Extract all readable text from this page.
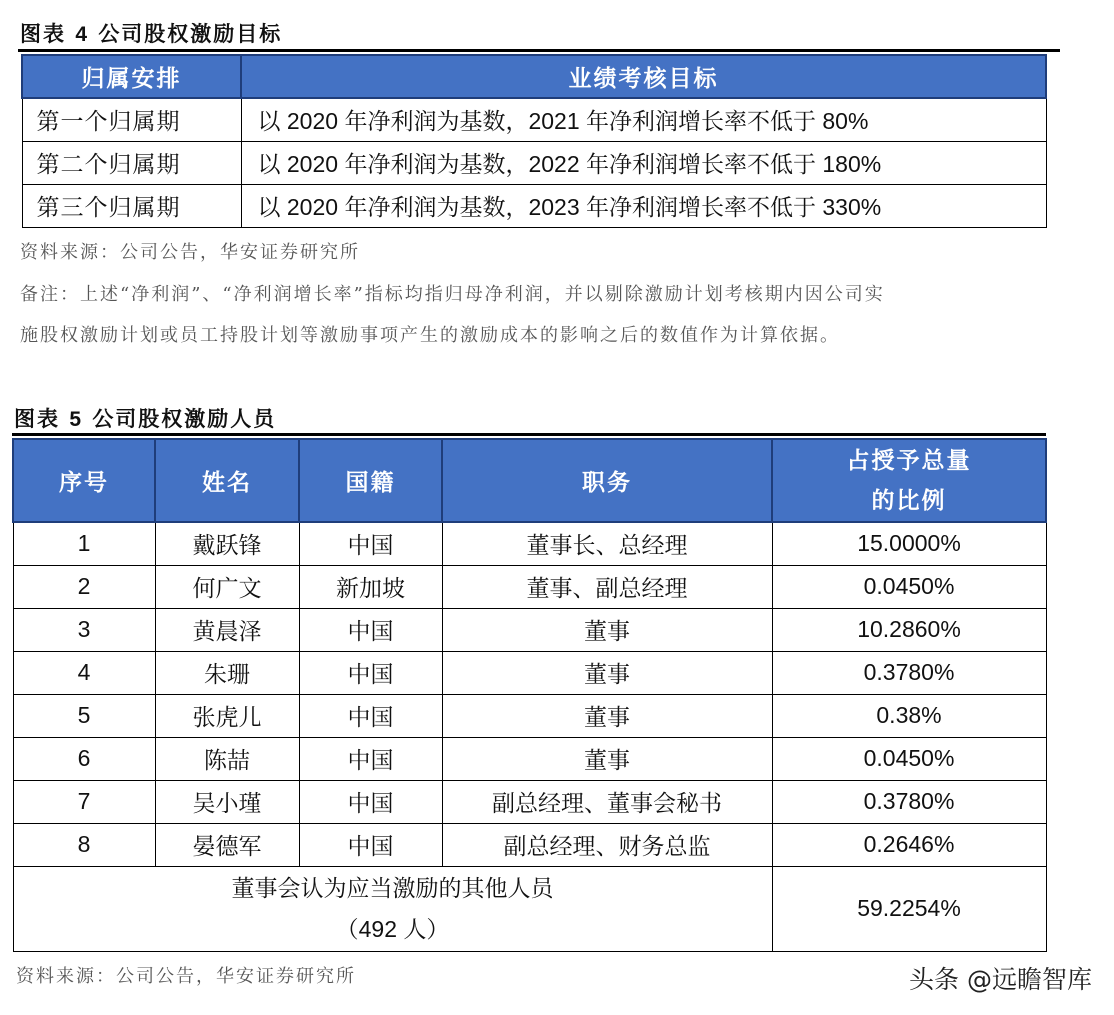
图表 4 公司股权激励目标
归属安排	业绩考核目标
第一个归属期	以 2020 年净利润为基数，2021 年净利润增长率不低于 80%
第二个归属期	以 2020 年净利润为基数，2022 年净利润增长率不低于 180%
第三个归属期	以 2020 年净利润为基数，2023 年净利润增长率不低于 330%
资料来源：公司公告，华安证券研究所
备注：上述“净利润”、“净利润增长率”指标均指归母净利润，并以剔除激励计划考核期内因公司实
施股权激励计划或员工持股计划等激励事项产生的激励成本的影响之后的数值作为计算依据。
图表 5 公司股权激励人员
序号	姓名	国籍	职务	占授予总量
的比例

1	戴跃锋	中国	董事长、总经理	15.0000%
2	何广文	新加坡	董事、副总经理	0.0450%
3	黄晨泽	中国	董事	10.2860%
4	朱珊	中国	董事	0.3780%
5	张虎儿	中国	董事	0.38%
6	陈喆	中国	董事	0.0450%
7	吴小瑾	中国	副总经理、董事会秘书	0.3780%
8	晏德军	中国	副总经理、财务总监	0.2646%

董事会认为应当激励的其他人员
（492 人）				59.2254%
资料来源：公司公告，华安证券研究所	头条 @远瞻智库
